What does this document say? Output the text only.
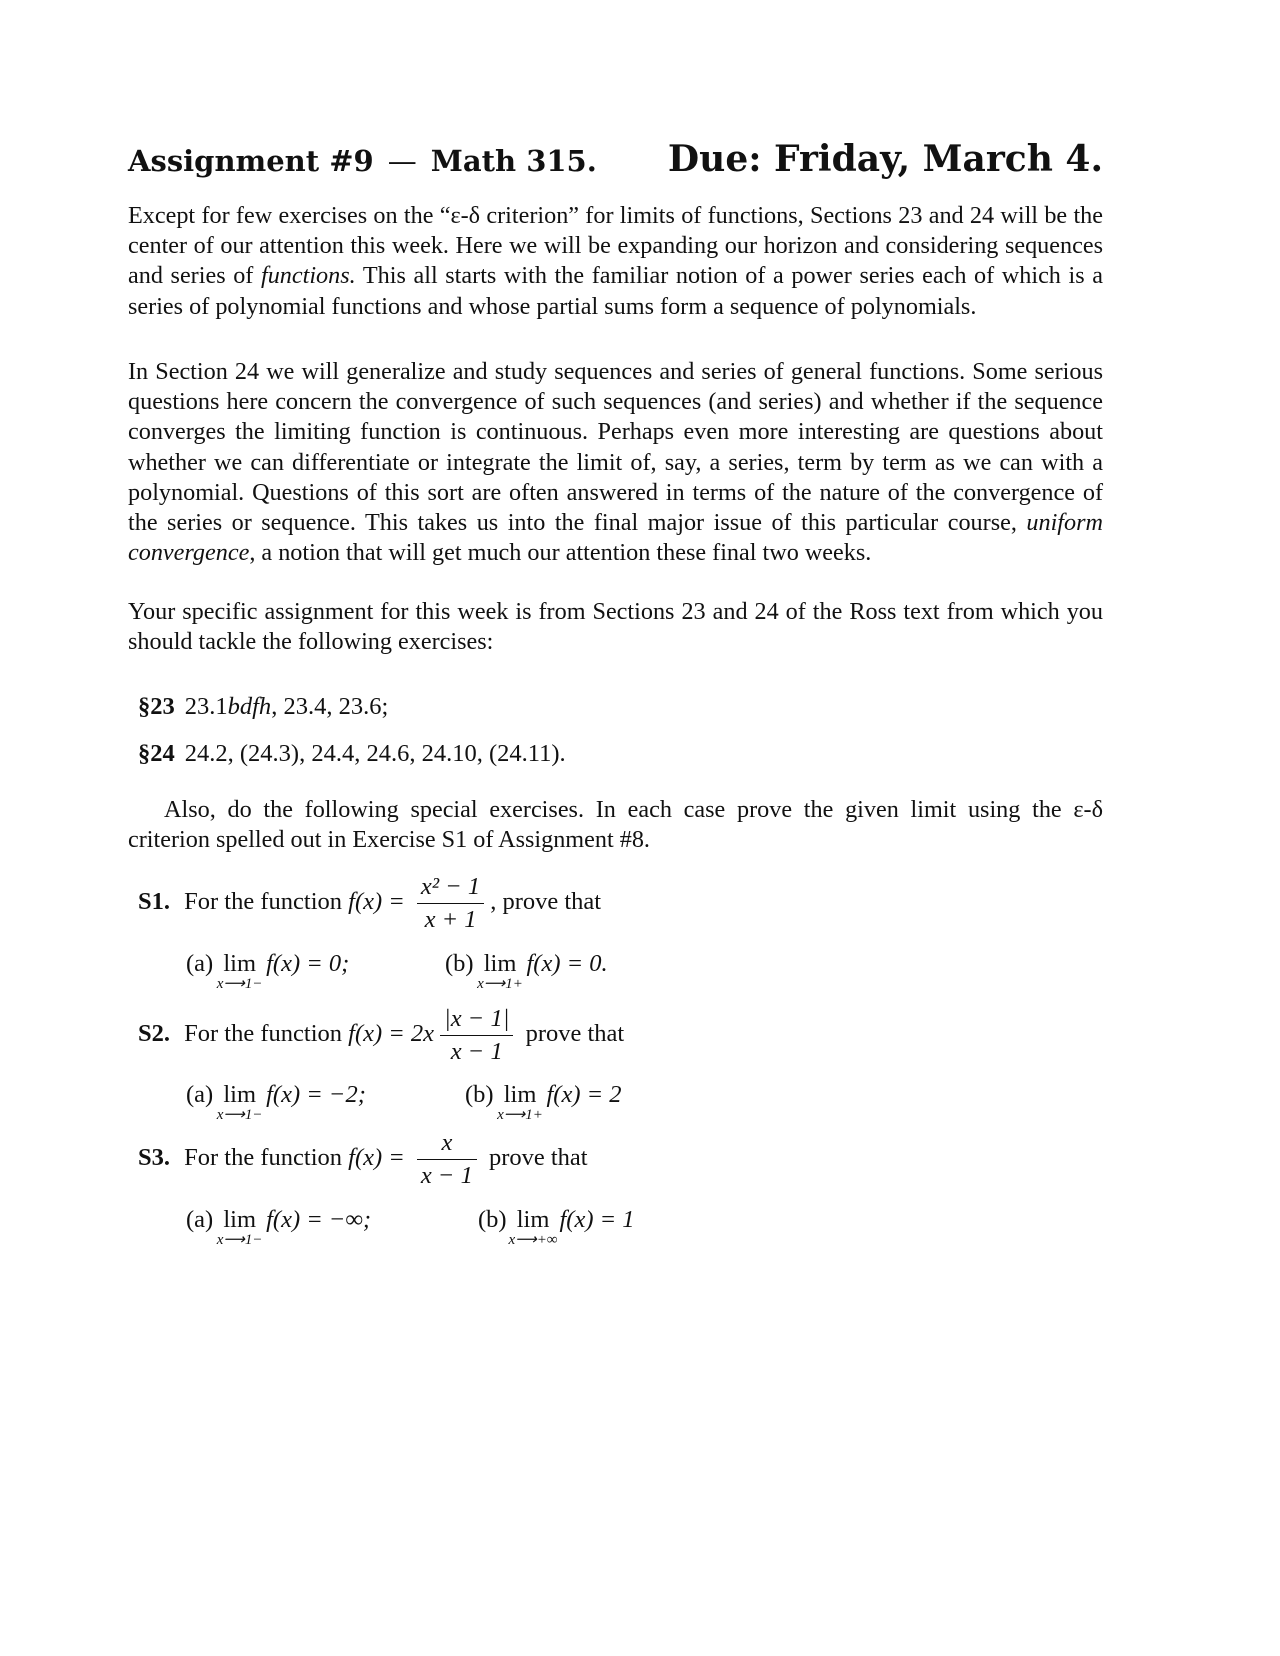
Assignment #9 — Math 315. Due: Friday, March 4.
Except for few exercises on the “ε-δ criterion” for limits of functions, Sections 23 and 24 will be the center of our attention this week. Here we will be expanding our horizon and considering sequences and series of functions. This all starts with the familiar notion of a power series each of which is a series of polynomial functions and whose partial sums form a sequence of polynomials.
In Section 24 we will generalize and study sequences and series of general functions. Some serious questions here concern the convergence of such sequences (and series) and whether if the sequence converges the limiting function is continuous. Perhaps even more interesting are questions about whether we can differentiate or integrate the limit of, say, a series, term by term as we can with a polynomial. Questions of this sort are often answered in terms of the nature of the convergence of the series or sequence. This takes us into the final major issue of this particular course, uniform convergence, a notion that will get much our attention these final two weeks.
Your specific assignment for this week is from Sections 23 and 24 of the Ross text from which you should tackle the following exercises:
§23 23.1bdfh, 23.4, 23.6;
§24 24.2, (24.3), 24.4, 24.6, 24.10, (24.11).
Also, do the following special exercises. In each case prove the given limit using the ε-δ criterion spelled out in Exercise S1 of Assignment #8.
S1. For the function $f(x) = \frac{\text{x² − 1}}{x + 1}$ , prove that
(a) lim
x⟶1−
f(x) = 0;	(b) lim
x⟶1+
f(x) = 0.
S2. For the function $f(x) = 2x \frac{|x - 1|}{x - 1}$ prove that
(a) lim
x⟶1−
f(x) = −2;	(b) lim
x⟶1+
f(x) = 2
S3. For the function $f(x) = \frac{x}{x - 1}$ prove that
(a) lim
x⟶1−
f(x) = −∞;	(b) lim
x⟶+∞
f(x) = 1
